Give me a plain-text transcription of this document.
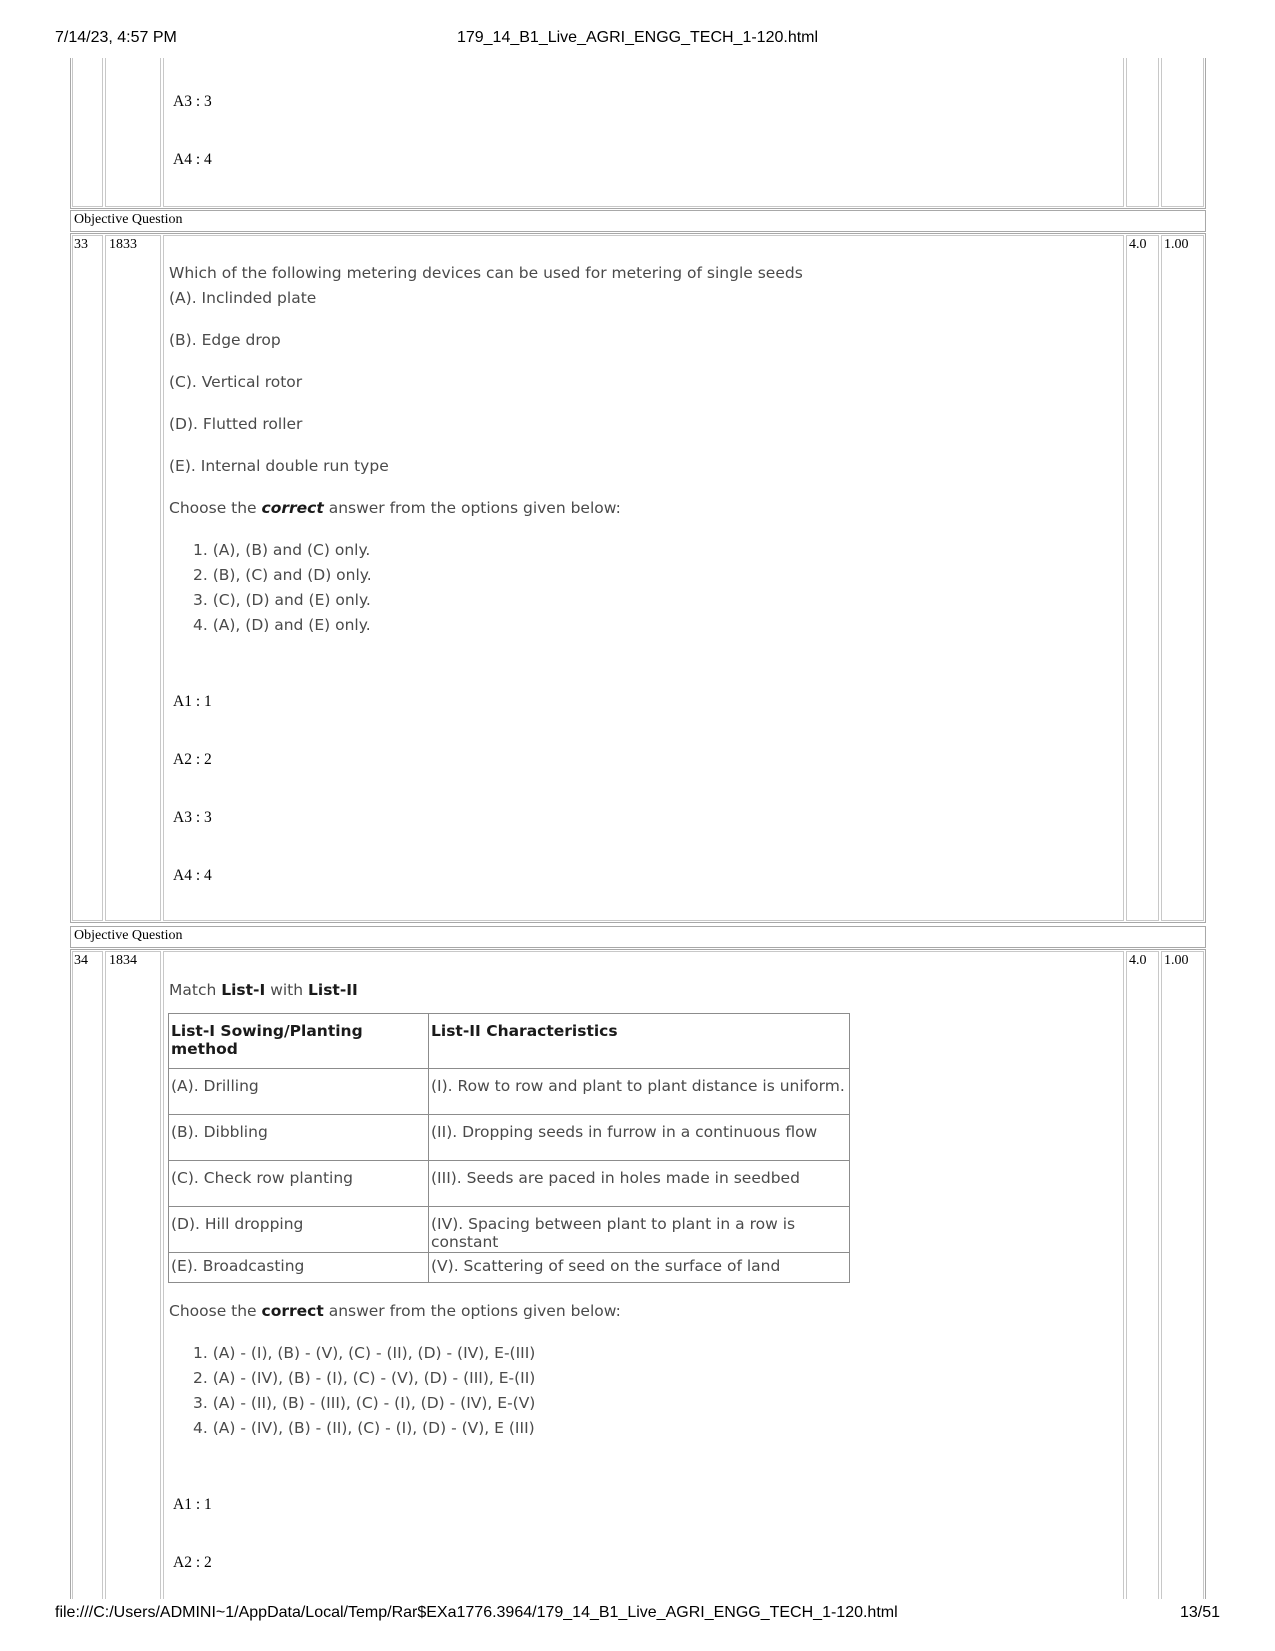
7/14/23, 4:57 PM	179_14_B1_Live_AGRI_ENGG_TECH_1-120.html
A3 : 3
A4 : 4
Objective Question
33 1833	4.0 1.00
Which of the following metering devices can be used for metering of single seeds
(A). Inclinded plate
(B). Edge drop
(C). Vertical rotor
(D). Flutted roller
(E). Internal double run type
Choose the correct answer from the options given below:
1. (A), (B) and (C) only.
2. (B), (C) and (D) only.
3. (C), (D) and (E) only.
4. (A), (D) and (E) only.
A1 : 1
A2 : 2
A3 : 3
A4 : 4
Objective Question
34 1834	4.0 1.00
Match List-I with List-II
List-I Sowing/Planting method	List-II Characteristics
(A). Drilling	(I). Row to row and plant to plant distance is uniform.
(B). Dibbling	(II). Dropping seeds in furrow in a continuous flow
(C). Check row planting	(III). Seeds are paced in holes made in seedbed
(D). Hill dropping	(IV). Spacing between plant to plant in a row is constant
(E). Broadcasting	(V). Scattering of seed on the surface of land
Choose the correct answer from the options given below:
1. (A) - (I), (B) - (V), (C) - (II), (D) - (IV), E-(III)
2. (A) - (IV), (B) - (I), (C) - (V), (D) - (III), E-(II)
3. (A) - (II), (B) - (III), (C) - (I), (D) - (IV), E-(V)
4. (A) - (IV), (B) - (II), (C) - (I), (D) - (V), E (III)
A1 : 1
A2 : 2
file:///C:/Users/ADMINI~1/AppData/Local/Temp/Rar$EXa1776.3964/179_14_B1_Live_AGRI_ENGG_TECH_1-120.html	13/51
